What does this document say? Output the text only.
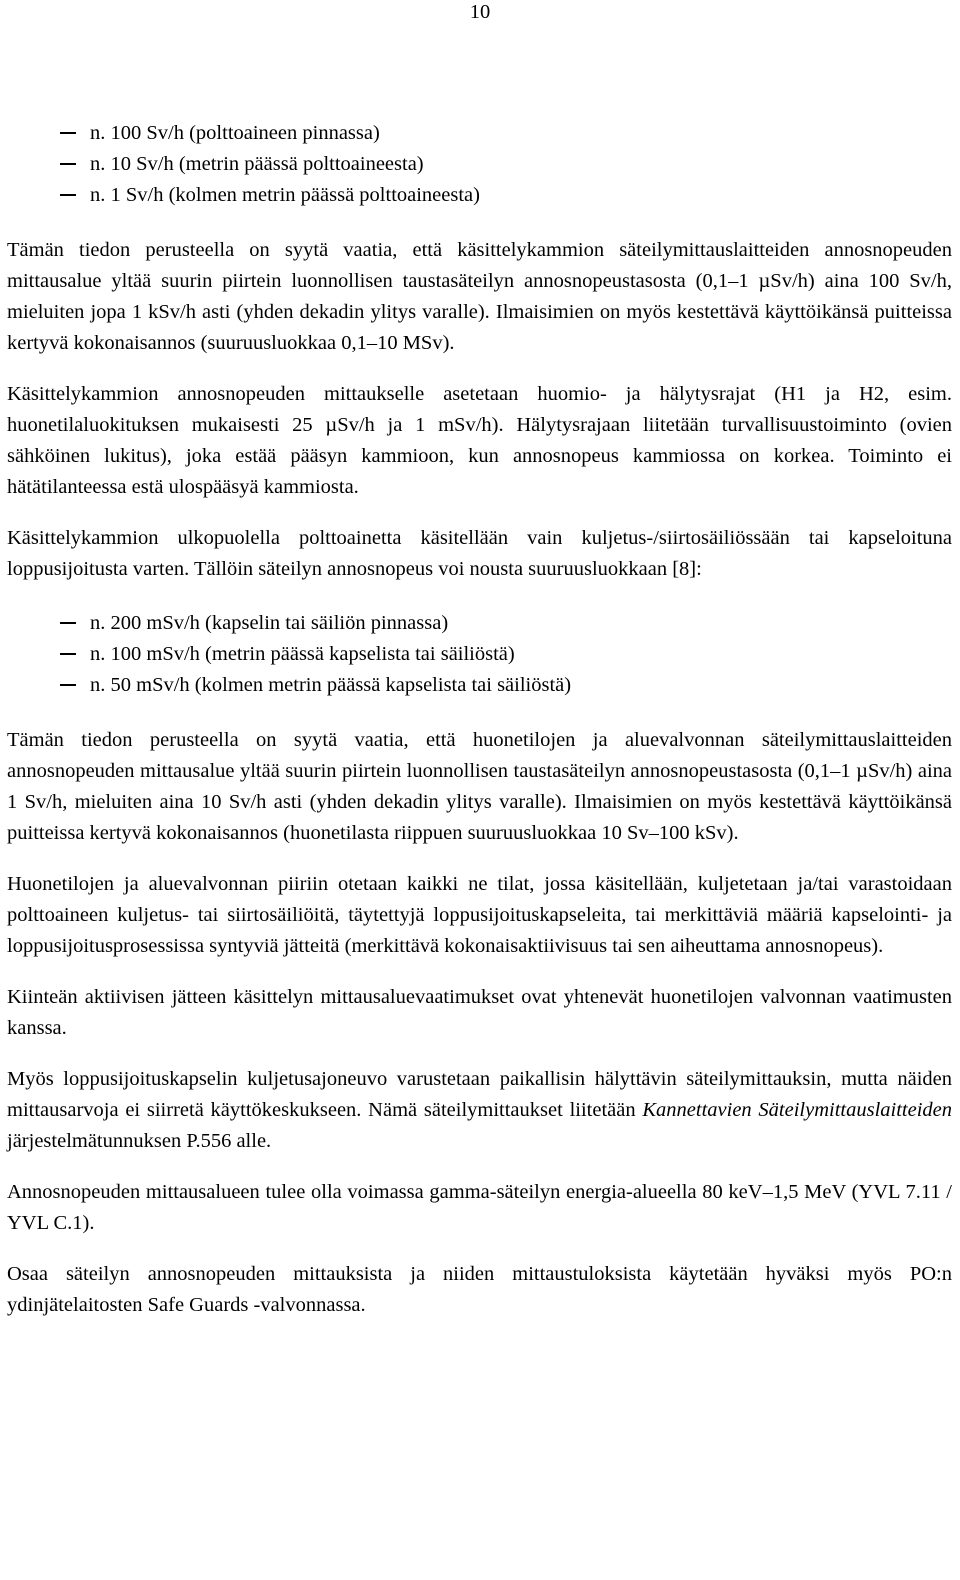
10
n. 100 Sv/h (polttoaineen pinnassa)
n. 10 Sv/h (metrin päässä polttoaineesta)
n. 1 Sv/h (kolmen metrin päässä polttoaineesta)

Tämän tiedon perusteella on syytä vaatia, että käsittelykammion säteilymittauslaitteiden annosnopeuden mittausalue yltää suurin piirtein luonnollisen taustasäteilyn annosnopeustasosta (0,1–1 µSv/h) aina 100 Sv/h, mieluiten jopa 1 kSv/h asti (yhden dekadin ylitys varalle). Ilmaisimien on myös kestettävä käyttöikänsä puitteissa kertyvä kokonaisannos (suuruusluokkaa 0,1–10 MSv).

Käsittelykammion annosnopeuden mittaukselle asetetaan huomio- ja hälytysrajat (H1 ja H2, esim. huonetilaluokituksen mukaisesti 25 µSv/h ja 1 mSv/h). Hälytysrajaan liitetään turvallisuustoiminto (ovien sähköinen lukitus), joka estää pääsyn kammioon, kun annosnopeus kammiossa on korkea. Toiminto ei hätätilanteessa estä ulospääsyä kammiosta.

Käsittelykammion ulkopuolella polttoainetta käsitellään vain kuljetus-/siirtosäiliössään tai kapseloituna loppusijoitusta varten. Tällöin säteilyn annosnopeus voi nousta suuruusluokkaan [8]:

n. 200 mSv/h (kapselin tai säiliön pinnassa)
n. 100 mSv/h (metrin päässä kapselista tai säiliöstä)
n. 50 mSv/h (kolmen metrin päässä kapselista tai säiliöstä)

Tämän tiedon perusteella on syytä vaatia, että huonetilojen ja aluevalvonnan säteilymittauslaitteiden annosnopeuden mittausalue yltää suurin piirtein luonnollisen taustasäteilyn annosnopeustasosta (0,1–1 µSv/h) aina 1 Sv/h, mieluiten aina 10 Sv/h asti (yhden dekadin ylitys varalle). Ilmaisimien on myös kestettävä käyttöikänsä puitteissa kertyvä kokonaisannos (huonetilasta riippuen suuruusluokkaa 10 Sv–100 kSv).

Huonetilojen ja aluevalvonnan piiriin otetaan kaikki ne tilat, jossa käsitellään, kuljetetaan ja/tai varastoidaan polttoaineen kuljetus- tai siirtosäiliöitä, täytettyjä loppusijoituskapseleita, tai merkittäviä määriä kapselointi- ja loppusijoitusprosessissa syntyviä jätteitä (merkittävä kokonaisaktiivisuus tai sen aiheuttama annosnopeus).

Kiinteän aktiivisen jätteen käsittelyn mittausaluevaatimukset ovat yhtenevät huonetilojen valvonnan vaatimusten kanssa.

Myös loppusijoituskapselin kuljetusajoneuvo varustetaan paikallisin hälyttävin säteilymittauksin, mutta näiden mittausarvoja ei siirretä käyttökeskukseen. Nämä säteilymittaukset liitetään Kannettavien Säteilymittauslaitteiden järjestelmätunnuksen P.556 alle.

Annosnopeuden mittausalueen tulee olla voimassa gamma-säteilyn energia-alueella 80 keV–1,5 MeV (YVL 7.11 / YVL C.1).

Osaa säteilyn annosnopeuden mittauksista ja niiden mittaustuloksista käytetään hyväksi myös PO:n ydinjätelaitosten Safe Guards -valvonnassa.
